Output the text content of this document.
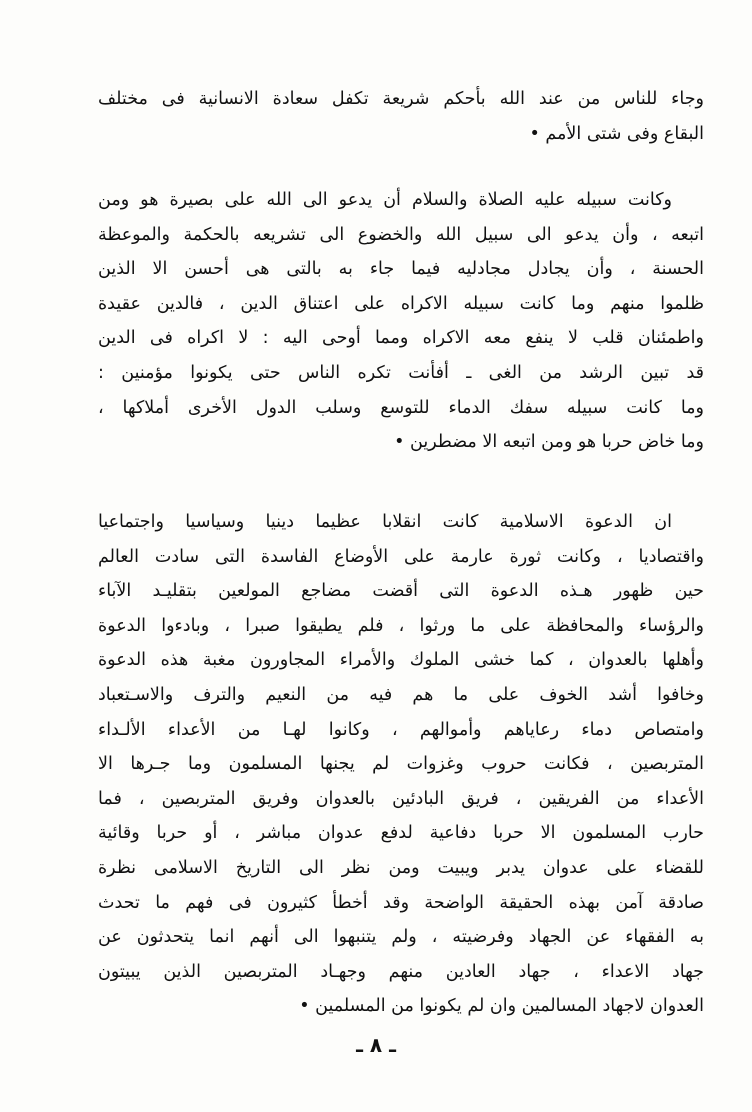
وجاء للناس من عند الله بأحكم شريعة تكفل سعادة الانسانية فى مختلف
البقاع وفى شتى الأمم •
وكانت سبيله عليه الصلاة والسلام أن يدعو الى الله على بصيرة هو ومن
اتبعه ، وأن يدعو الى سبيل الله والخضوع الى تشريعه بالحكمة والموعظة
الحسنة ، وأن يجادل مجادليه فيما جاء به بالتى هى أحسن الا الذين
ظلموا منهم وما كانت سبيله الاكراه على اعتناق الدين ، فالدين عقيدة
واطمئنان قلب لا ينفع معه الاكراه ومما أوحى اليه : لا اكراه فى الدين
قد تبين الرشد من الغى ـ أفأنت تكره الناس حتى يكونوا مؤمنين :
وما كانت سبيله سفك الدماء للتوسع وسلب الدول الأخرى أملاكها ،
وما خاض حربا هو ومن اتبعه الا مضطرين •
ان الدعوة الاسلامية كانت انقلابا عظيما دينيا وسياسيا واجتماعيا
واقتصاديا ، وكانت ثورة عارمة على الأوضاع الفاسدة التى سادت العالم
حين ظهور هـذه الدعوة التى أقضت مضاجع المولعين بتقليـد الآباء
والرؤساء والمحافظة على ما ورثوا ، فلم يطيقوا صبرا ، وبادءوا الدعوة
وأهلها بالعدوان ، كما خشى الملوك والأمراء المجاورون مغبة هذه الدعوة
وخافوا أشد الخوف على ما هم فيه من النعيم والترف والاسـتعباد
وامتصاص دماء رعاياهم وأموالهم ، وكانوا لهـا من الأعداء الألـداء
المتربصين ، فكانت حروب وغزوات لم يجنها المسلمون وما جـرها الا
الأعداء من الفريقين ، فريق البادئين بالعدوان وفريق المتربصين ، فما
حارب المسلمون الا حربا دفاعية لدفع عدوان مباشر ، أو حربا وقائية
للقضاء على عدوان يدبر ويبيت ومن نظر الى التاريخ الاسلامى نظرة
صادقة آمن بهذه الحقيقة الواضحة وقد أخطأ كثيرون فى فهم ما تحدث
به الفقهاء عن الجهاد وفرضيته ، ولم يتنبهوا الى أنهم انما يتحدثون عن
جهاد الاعداء ، جهاد العادين منهم وجهـاد المتربصين الذين يبيتون
العدوان لاجهاد المسالمين وان لم يكونوا من المسلمين •
ـ ٨ ـ
